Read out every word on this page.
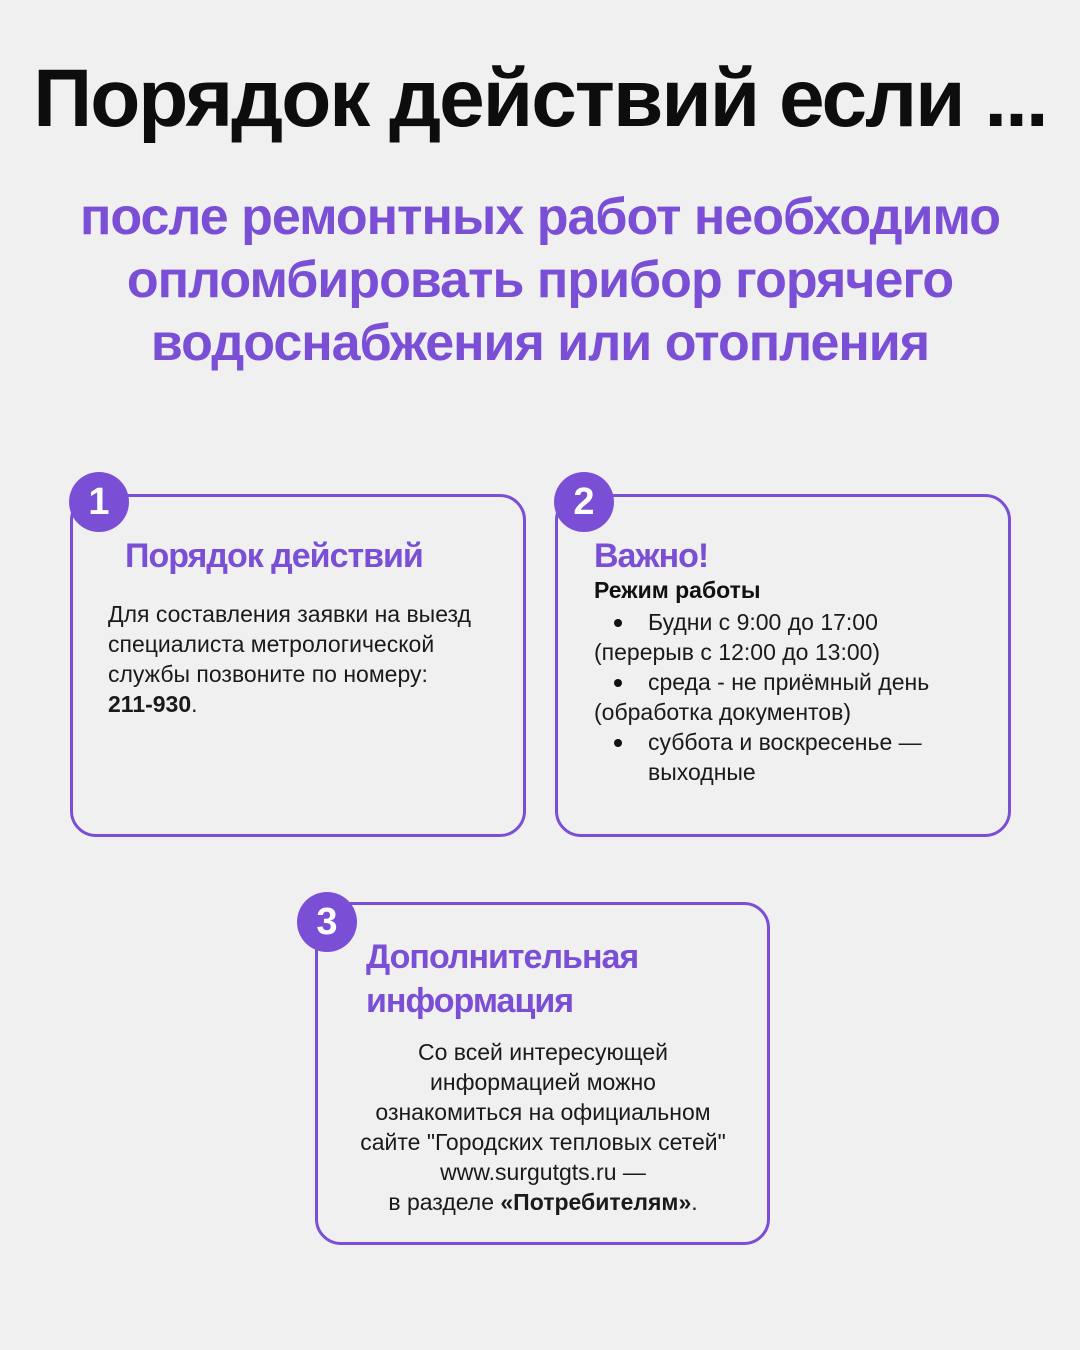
Порядок действий если ...
после ремонтных работ необходимо
опломбировать прибор горячего
водоснабжения или отопления
Порядок действий
Для составления заявки на выезд
специалиста метрологической
службы позвоните по номеру:
211-930.
1
Важно!
Режим работы
Будни с 9:00 до 17:00
(перерыв с 12:00 до 13:00)
среда - не приёмный день
(обработка документов)
суббота и воскресенье —
выходные
2
Дополнительная
информация
Со всей интересующей
информацией можно
ознакомиться на официальном
сайте "Городских тепловых сетей"
www.surgutgts.ru —
в разделе «Потребителям».
3
